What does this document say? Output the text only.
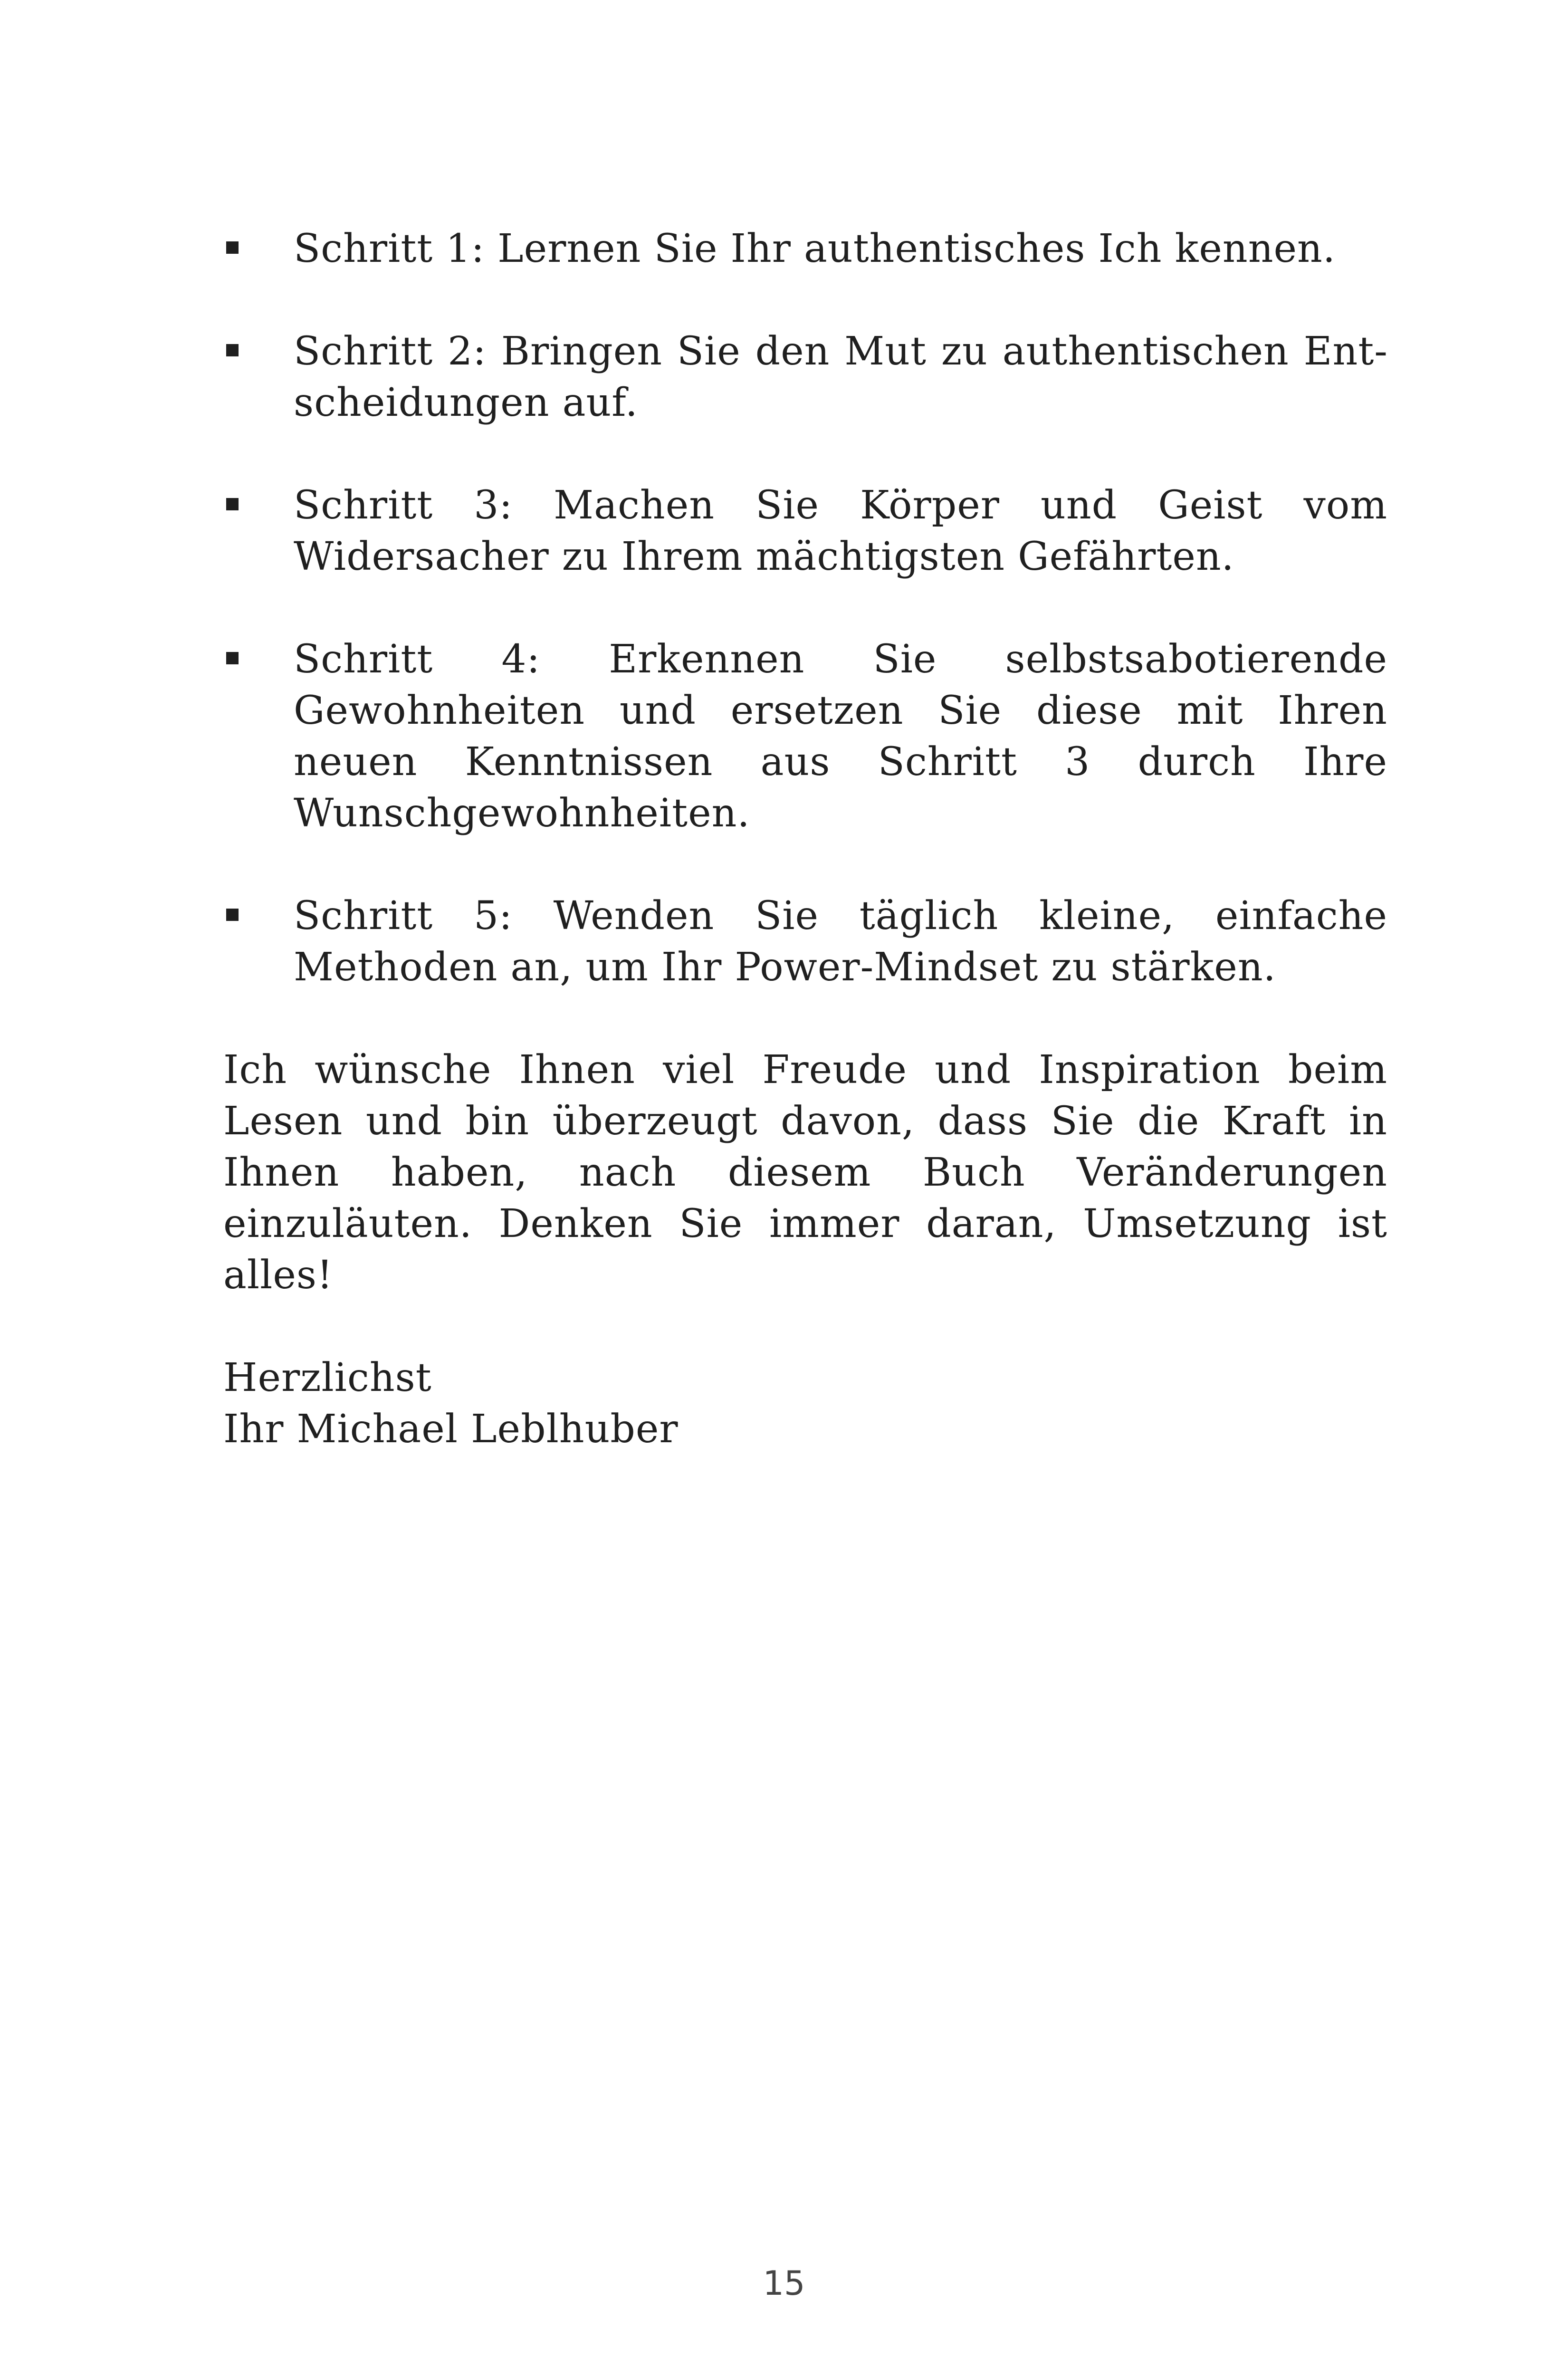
Schritt 1: Lernen Sie Ihr authentisches Ich kennen.
Schritt 2: Bringen Sie den Mut zu authentischen Entscheidungen auf.
Schritt 3: Machen Sie Körper und Geist vom Widersacher zu Ihrem mächtigsten Gefährten.
Schritt 4: Erkennen Sie selbstsabotierende Gewohnheiten und ersetzen Sie diese mit Ihren neuen Kenntnissen aus Schritt 3 durch Ihre Wunschgewohnheiten.
Schritt 5: Wenden Sie täglich kleine, einfache Methoden an, um Ihr Power-Mindset zu stärken.

Ich wünsche Ihnen viel Freude und Inspiration beim Lesen und bin überzeugt davon, dass Sie die Kraft in Ihnen haben, nach diesem Buch Veränderungen einzuläuten. Denken Sie immer daran, Umsetzung ist alles!

Herzlichst
Ihr Michael Leblhuber

15
